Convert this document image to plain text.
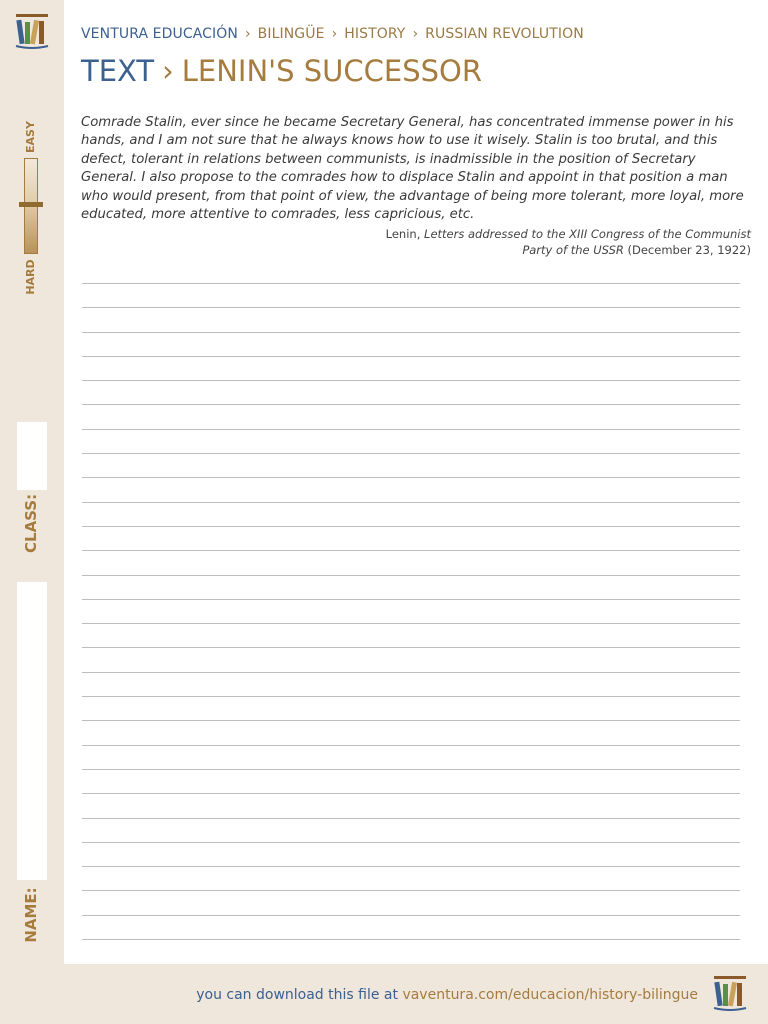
VENTURA EDUCACIÓN › BILINGÜE › HISTORY › RUSSIAN REVOLUTION
TEXT › LENIN'S SUCCESSOR

Comrade Stalin, ever since he became Secretary General, has concentrated immense power in his hands, and I am not sure that he always knows how to use it wisely. Stalin is too brutal, and this defect, tolerant in relations between communists, is inadmissible in the position of Secretary General. I also propose to the comrades how to displace Stalin and appoint in that position a man who would present, from that point of view, the advantage of being more tolerant, more loyal, more educated, more attentive to comrades, less capricious, etc.

Lenin, Letters addressed to the XIII Congress of the Communist Party of the USSR (December 23, 1922)
EASY
HARD
CLASS:
NAME:
you can download this file at vaventura.com/educacion/history-bilingue
